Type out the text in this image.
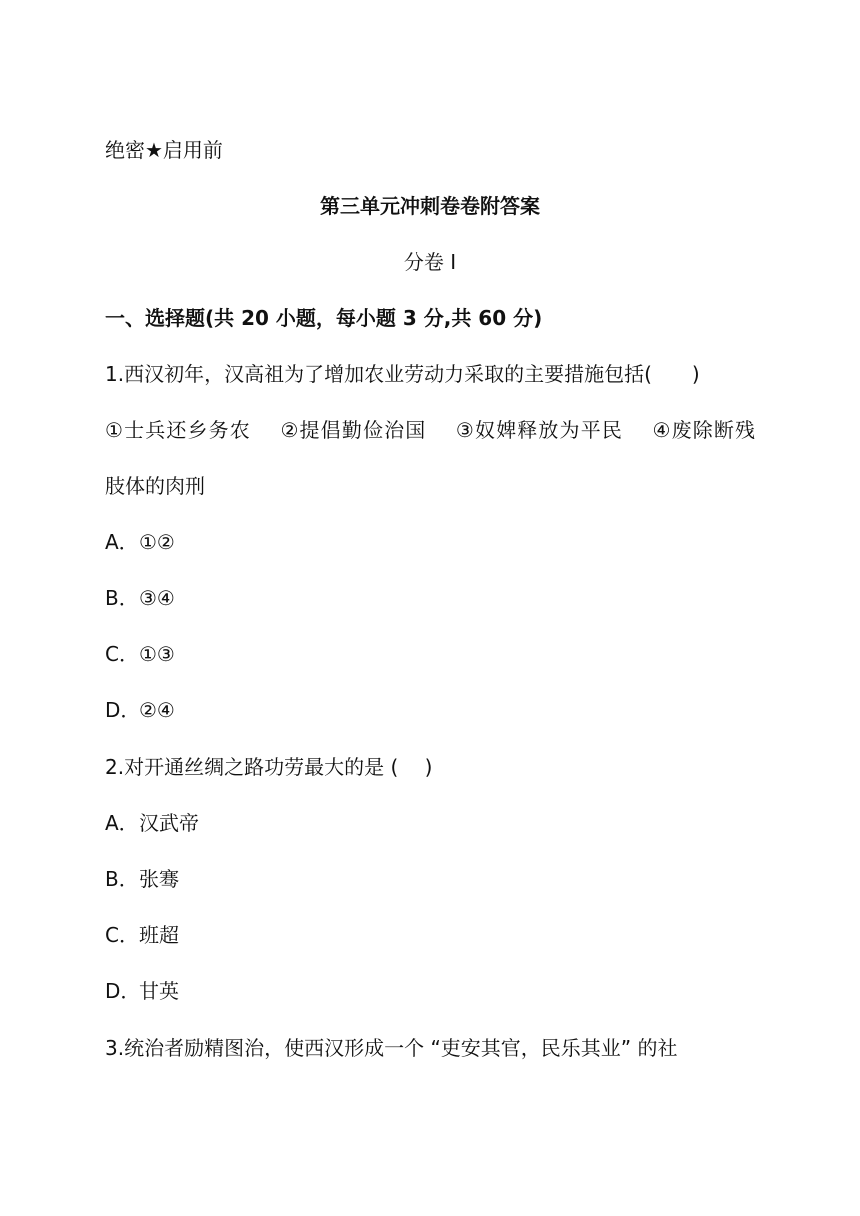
绝密★启用前
第三单元冲刺卷卷附答案
分卷 I
一、选择题(共 20 小题，每小题 3 分,共 60 分)
1.西汉初年，汉高祖为了增加农业劳动力采取的主要措施包括(　　)
①士兵还乡务农 ②提倡勤俭治国 ③奴婢释放为平民 ④废除断残
肢体的肉刑
A．①②
B．③④
C．①③
D．②④
2.对开通丝绸之路功劳最大的是 (　 )
A．汉武帝
B．张骞
C．班超
D．甘英
3.统治者励精图治，使西汉形成一个 “吏安其官，民乐其业” 的社
